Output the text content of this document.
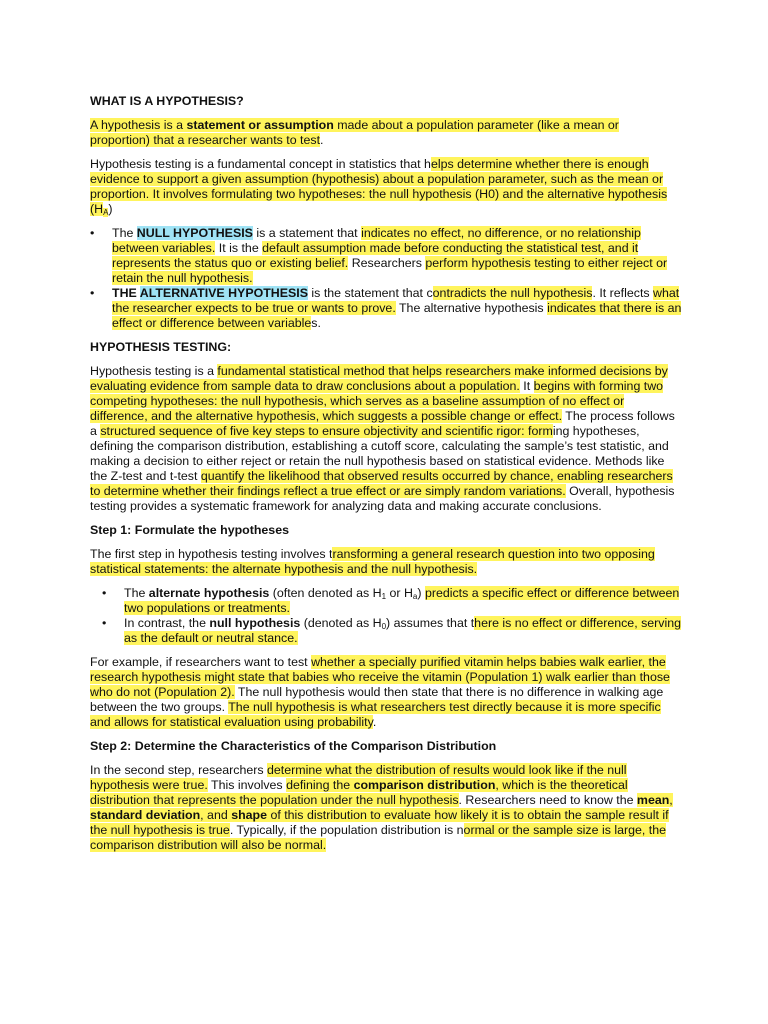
WHAT IS A HYPOTHESIS?

A hypothesis is a statement or assumption made about a population parameter (like a mean or proportion) that a researcher wants to test.

Hypothesis testing is a fundamental concept in statistics that helps determine whether there is enough evidence to support a given assumption (hypothesis) about a population parameter, such as the mean or proportion. It involves formulating two hypotheses: the null hypothesis (H0) and the alternative hypothesis $(H_A)$

• The NULL HYPOTHESIS is a statement that indicates no effect, no difference, or no relationship between variables. It is the default assumption made before conducting the statistical test, and it represents the status quo or existing belief. Researchers perform hypothesis testing to either reject or retain the null hypothesis.
• THE ALTERNATIVE HYPOTHESIS is the statement that contradicts the null hypothesis. It reflects what the researcher expects to be true or wants to prove. The alternative hypothesis indicates that there is an effect or difference between variables.
HYPOTHESIS TESTING:

Hypothesis testing is a fundamental statistical method that helps researchers make informed decisions by evaluating evidence from sample data to draw conclusions about a population. It begins with forming two competing hypotheses: the null hypothesis, which serves as a baseline assumption of no effect or difference, and the alternative hypothesis, which suggests a possible change or effect. The process follows a structured sequence of five key steps to ensure objectivity and scientific rigor: forming hypotheses, defining the comparison distribution, establishing a cutoff score, calculating the sample’s test statistic, and making a decision to either reject or retain the null hypothesis based on statistical evidence. Methods like the Z-test and t-test quantify the likelihood that observed results occurred by chance, enabling researchers to determine whether their findings reflect a true effect or are simply random variations. Overall, hypothesis testing provides a systematic framework for analyzing data and making accurate conclusions.

Step 1: Formulate the hypotheses

The first step in hypothesis testing involves transforming a general research question into two opposing statistical statements: the alternate hypothesis and the null hypothesis.

• The alternate hypothesis (often denoted as $H_1$ or $H_a$) predicts a specific effect or difference between two populations or treatments.
• In contrast, the null hypothesis (denoted as $H_0$) assumes that there is no effect or difference, serving as the default or neutral stance.

For example, if researchers want to test whether a specially purified vitamin helps babies walk earlier, the research hypothesis might state that babies who receive the vitamin (Population 1) walk earlier than those who do not (Population 2). The null hypothesis would then state that there is no difference in walking age between the two groups. The null hypothesis is what researchers test directly because it is more specific and allows for statistical evaluation using probability.

Step 2: Determine the Characteristics of the Comparison Distribution

In the second step, researchers determine what the distribution of results would look like if the null hypothesis were true. This involves defining the comparison distribution, which is the theoretical distribution that represents the population under the null hypothesis. Researchers need to know the mean, standard deviation, and shape of this distribution to evaluate how likely it is to obtain the sample result if the null hypothesis is true. Typically, if the population distribution is normal or the sample size is large, the comparison distribution will also be normal.
